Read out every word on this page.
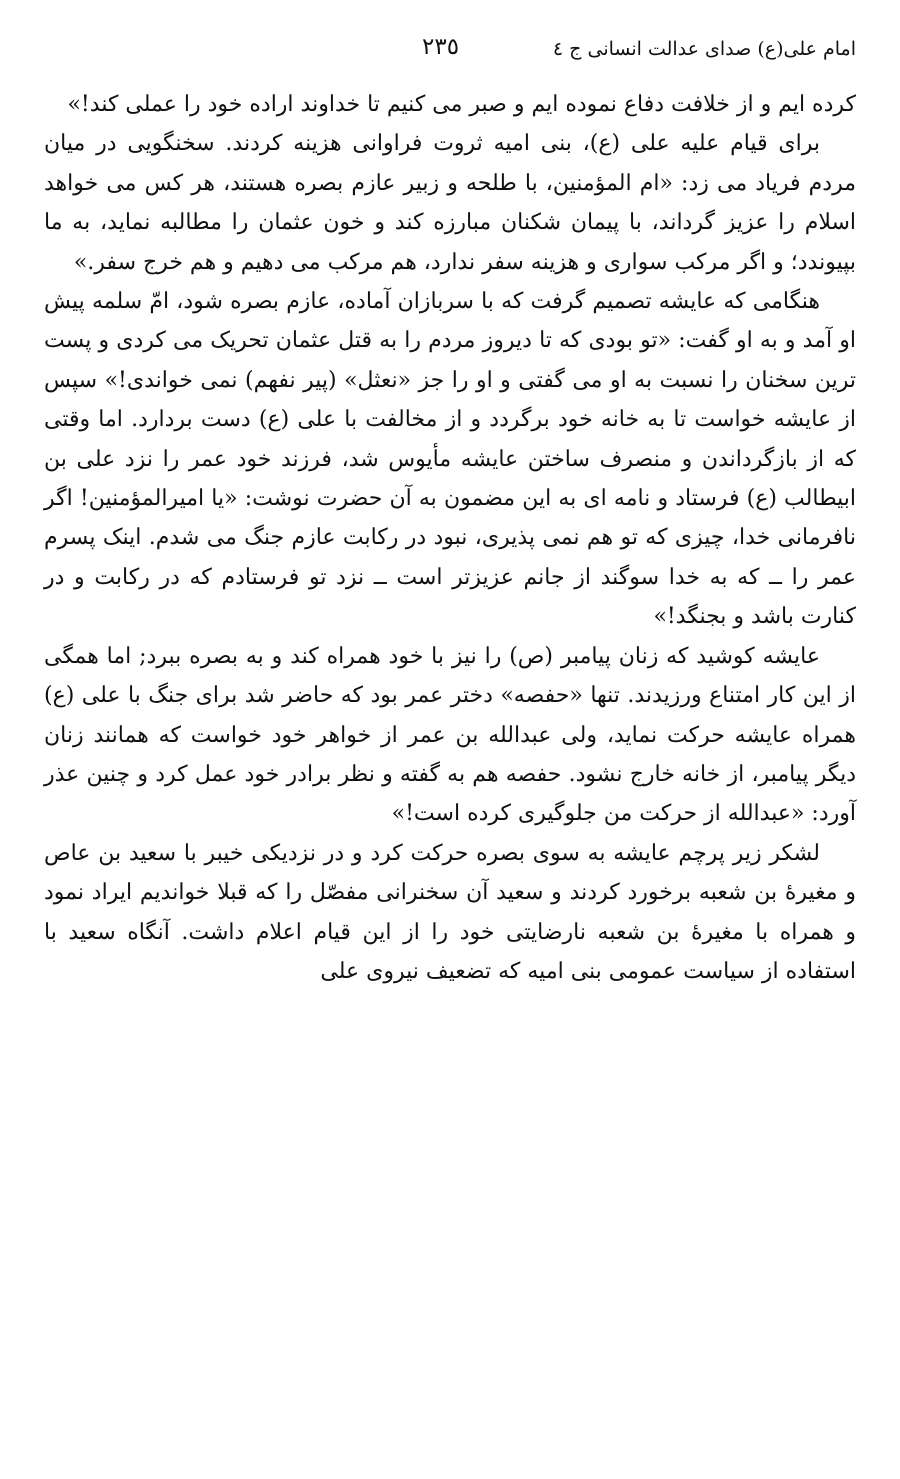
امام علی(ع) صدای عدالت انسانی ج ٤
٢٣٥

کرده ایم و از خلافت دفاع نموده ایم و صبر می کنیم تا خداوند اراده خود را عملی کند!»

برای قیام علیه علی (ع)، بنی امیه ثروت فراوانی هزینه کردند. سخنگویی در میان مردم فریاد می زد: «ام المؤمنین، با طلحه و زبیر عازم بصره هستند، هر کس می خواهد اسلام را عزیز گرداند، با پیمان شکنان مبارزه کند و خون عثمان را مطالبه نماید، به ما بپیوندد؛ و اگر مرکب سواری و هزینه سفر ندارد، هم مرکب می دهیم و هم خرج سفر.»

هنگامی که عایشه تصمیم گرفت که با سربازان آماده، عازم بصره شود، امّ سلمه پیش او آمد و به او گفت: «تو بودی که تا دیروز مردم را به قتل عثمان تحریک می کردی و پست ترین سخنان را نسبت به او می گفتی و او را جز «نعثل» (پیر نفهم) نمی خواندی!» سپس از عایشه خواست تا به خانه خود برگردد و از مخالفت با علی (ع) دست بردارد. اما وقتی که از بازگرداندن و منصرف ساختن عایشه مأیوس شد، فرزند خود عمر را نزد علی بن ابیطالب (ع) فرستاد و نامه ای به این مضمون به آن حضرت نوشت: «یا امیرالمؤمنین! اگر نافرمانی خدا، چیزی که تو هم نمی پذیری، نبود در رکابت عازم جنگ می شدم. اینک پسرم عمر را ــ که به خدا سوگند از جانم عزیزتر است ــ نزد تو فرستادم که در رکابت و در کنارت باشد و بجنگد!»

عایشه کوشید که زنان پیامبر (ص) را نیز با خود همراه کند و به بصره ببرد; اما همگی از این کار امتناع ورزیدند. تنها «حفصه» دختر عمر بود که حاضر شد برای جنگ با علی (ع) همراه عایشه حرکت نماید، ولی عبدالله بن عمر از خواهر خود خواست که همانند زنان دیگر پیامبر، از خانه خارج نشود. حفصه هم به گفته و نظر برادر خود عمل کرد و چنین عذر آورد: «عبدالله از حرکت من جلوگیری کرده است!»

لشکر زیر پرچم عایشه به سوی بصره حرکت کرد و در نزدیکی خیبر با سعید بن عاص و مغیرهٔ بن شعبه برخورد کردند و سعید آن سخنرانی مفصّل را که قبلا خواندیم ایراد نمود و همراه با مغیرهٔ بن شعبه نارضایتی خود را از این قیام اعلام داشت. آنگاه سعید با استفاده از سیاست عمومی بنی امیه که تضعیف نیروی علی
